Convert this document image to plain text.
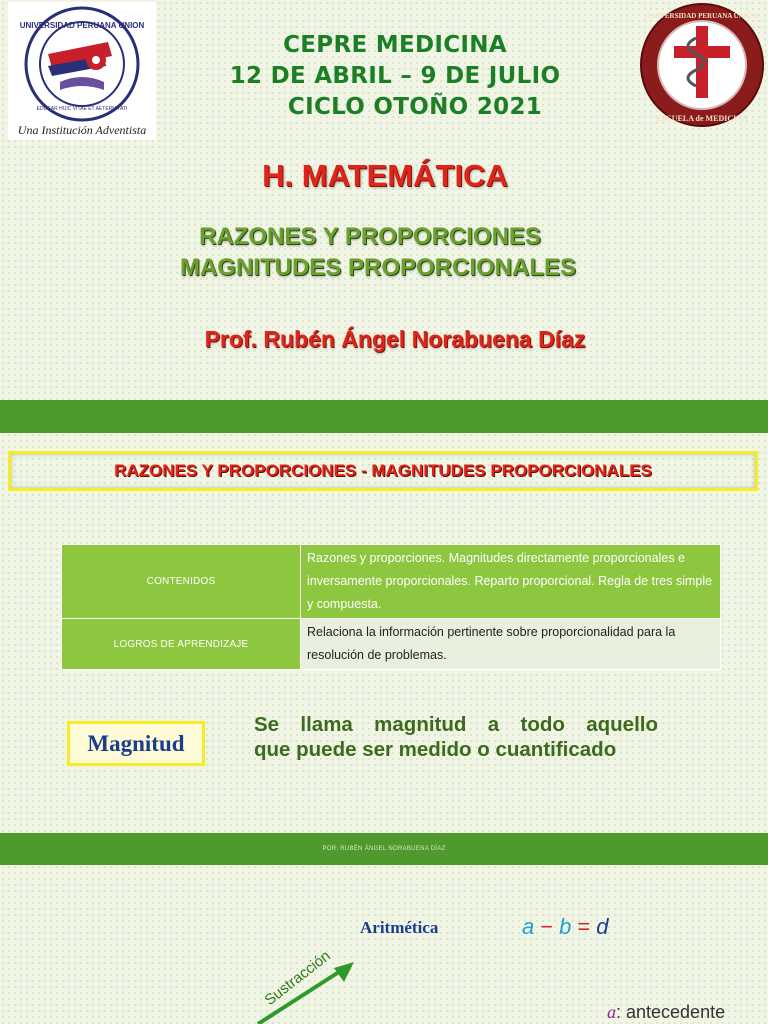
UNIVERSIDAD PERUANA UNION
EDUCAR HUIC VITAE ET AETERNITATI
Una Institución Adventista
UNIVERSIDAD PERUANA UNION
ESCUELA de MEDICINA
CEPRE MEDICINA
12 DE ABRIL – 9 DE JULIO
CICLO OTOÑO 2021
H. MATEMÁTICA
RAZONES Y PROPORCIONES
MAGNITUDES PROPORCIONALES
Prof. Rubén Ángel Norabuena Díaz
RAZONES Y PROPORCIONES - MAGNITUDES PROPORCIONALES
CONTENIDOS	Razones y proporciones. Magnitudes directamente proporcionales e inversamente proporcionales. Reparto proporcional. Regla de tres simple y compuesta.
LOGROS DE APRENDIZAJE	Relaciona la información pertinente sobre proporcionalidad para la resolución de problemas.
Magnitud
Se llama magnitud a todo aquello
que puede ser medido o cuantificado
POR: RUBÉN ÁNGEL NORABUENA DÍAZ
Aritmética	a − b = d
Sustracción
a: antecedente
